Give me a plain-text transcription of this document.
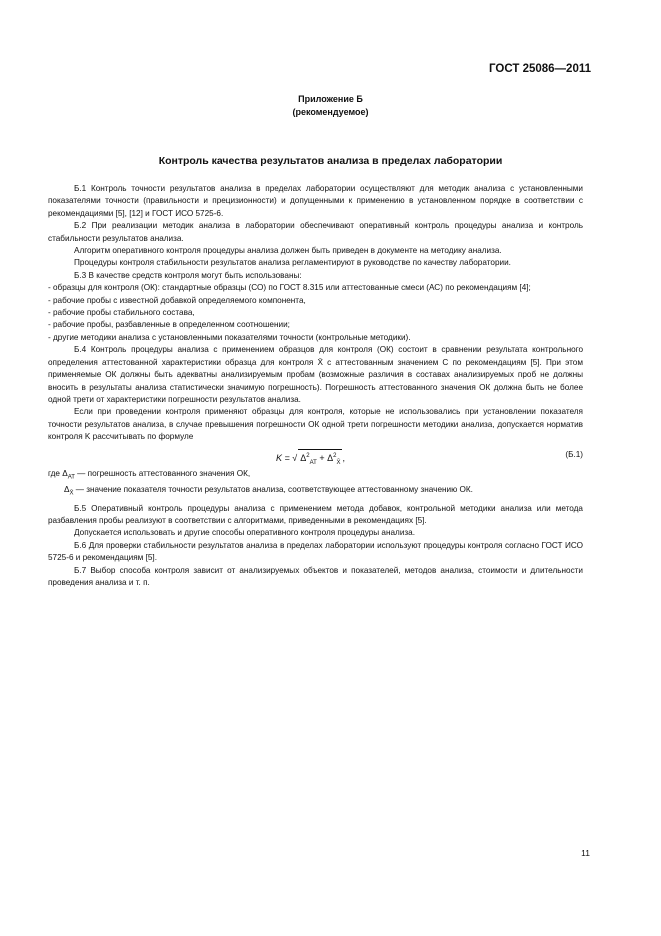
ГОСТ 25086—2011
Приложение Б
(рекомендуемое)
Контроль качества результатов анализа в пределах лаборатории

Б.1 Контроль точности результатов анализа в пределах лаборатории осуществляют для методик анализа с установленными показателями точности (правильности и прецизионности) и допущенными к применению в установленном порядке в соответствии с рекомендациями [5], [12] и ГОСТ ИСО 5725-6.

Б.2 При реализации методик анализа в лаборатории обеспечивают оперативный контроль процедуры анализа и контроль стабильности результатов анализа.

Алгоритм оперативного контроля процедуры анализа должен быть приведен в документе на методику анализа.

Процедуры контроля стабильности результатов анализа регламентируют в руководстве по качеству лаборатории.

Б.3 В качестве средств контроля могут быть использованы:

- образцы для контроля (ОК): стандартные образцы (СО) по ГОСТ 8.315 или аттестованные смеси (АС) по рекомендациям [4];

- рабочие пробы с известной добавкой определяемого компонента,

- рабочие пробы стабильного состава,

- рабочие пробы, разбавленные в определенном соотношении;

- другие методики анализа с установленными показателями точности (контрольные методики).

Б.4 Контроль процедуры анализа с применением образцов для контроля (ОК) состоит в сравнении результата контрольного определения аттестованной характеристики образца для контроля X̄ с аттестованным значением С по рекомендациям [5]. При этом применяемые ОК должны быть адекватны анализируемым пробам (возможные различия в составах анализируемых проб не должны вносить в результаты анализа статистически значимую погрешность). Погрешность аттестованного значения ОК должна быть не более одной трети от характеристики погрешности результатов анализа.

Если при проведении контроля применяют образцы для контроля, которые не использовались при установлении показателя точности результатов анализа, в случае превышения погрешности ОК одной трети погрешности методики анализа, допускается норматив контроля K рассчитывать по формуле

K = √ $\Delta^2_{АТ} + \Delta^2_{X̄}$ ,	(Б.1)

где $\Delta_{АТ}$ — погрешность аттестованного значения ОК,

$\Delta_{X̄}$ — значение показателя точности результатов анализа, соответствующее аттестованному значению ОК.

Б.5 Оперативный контроль процедуры анализа с применением метода добавок, контрольной методики анализа или метода разбавления пробы реализуют в соответствии с алгоритмами, приведенными в рекомендациях [5].

Допускается использовать и другие способы оперативного контроля процедуры анализа.

Б.6 Для проверки стабильности результатов анализа в пределах лаборатории используют процедуры контроля согласно ГОСТ ИСО 5725-6 и рекомендациям [5].

Б.7 Выбор способа контроля зависит от анализируемых объектов и показателей, методов анализа, стоимости и длительности проведения анализа и т. п.

11
